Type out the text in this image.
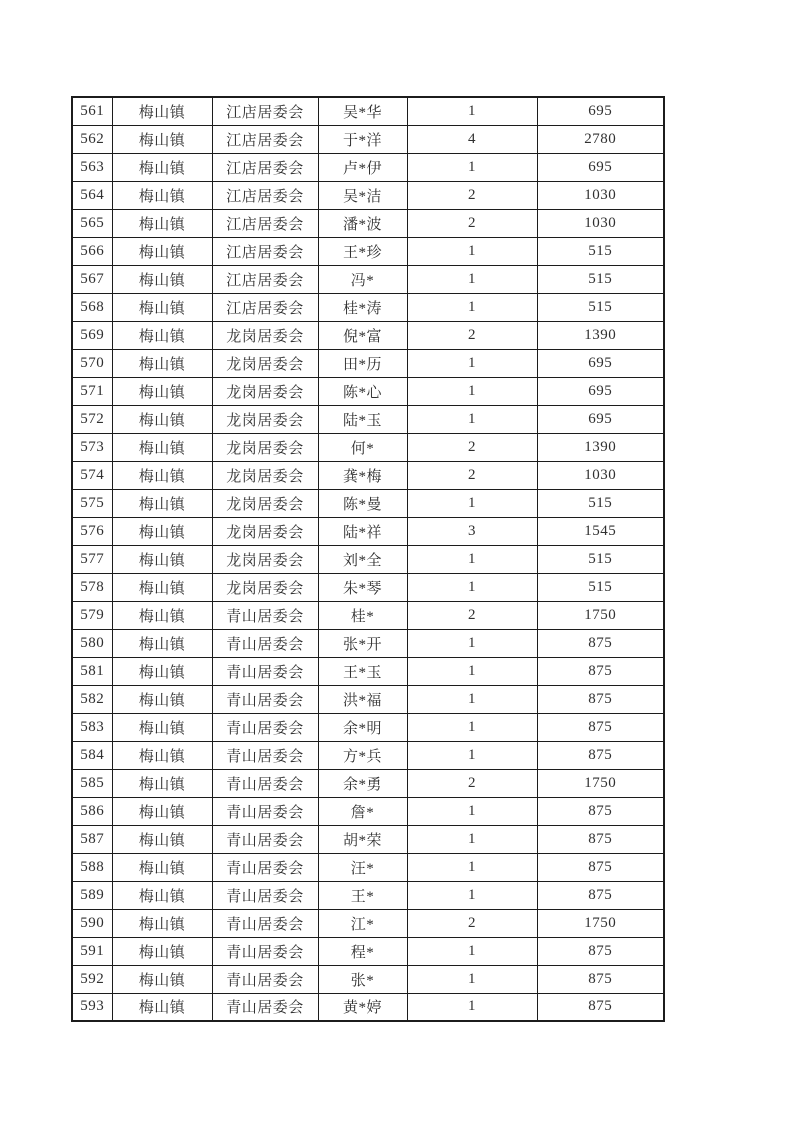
561	梅山镇	江店居委会	吴*华	1	695
562	梅山镇	江店居委会	于*洋	4	2780
563	梅山镇	江店居委会	卢*伊	1	695
564	梅山镇	江店居委会	吴*洁	2	1030
565	梅山镇	江店居委会	潘*波	2	1030
566	梅山镇	江店居委会	王*珍	1	515
567	梅山镇	江店居委会	冯*	1	515
568	梅山镇	江店居委会	桂*涛	1	515
569	梅山镇	龙岗居委会	倪*富	2	1390
570	梅山镇	龙岗居委会	田*历	1	695
571	梅山镇	龙岗居委会	陈*心	1	695
572	梅山镇	龙岗居委会	陆*玉	1	695
573	梅山镇	龙岗居委会	何*	2	1390
574	梅山镇	龙岗居委会	龚*梅	2	1030
575	梅山镇	龙岗居委会	陈*曼	1	515
576	梅山镇	龙岗居委会	陆*祥	3	1545
577	梅山镇	龙岗居委会	刘*全	1	515
578	梅山镇	龙岗居委会	朱*琴	1	515
579	梅山镇	青山居委会	桂*	2	1750
580	梅山镇	青山居委会	张*开	1	875
581	梅山镇	青山居委会	王*玉	1	875
582	梅山镇	青山居委会	洪*福	1	875
583	梅山镇	青山居委会	余*明	1	875
584	梅山镇	青山居委会	方*兵	1	875
585	梅山镇	青山居委会	余*勇	2	1750
586	梅山镇	青山居委会	詹*	1	875
587	梅山镇	青山居委会	胡*荣	1	875
588	梅山镇	青山居委会	汪*	1	875
589	梅山镇	青山居委会	王*	1	875
590	梅山镇	青山居委会	江*	2	1750
591	梅山镇	青山居委会	程*	1	875
592	梅山镇	青山居委会	张*	1	875
593	梅山镇	青山居委会	黄*婷	1	875
